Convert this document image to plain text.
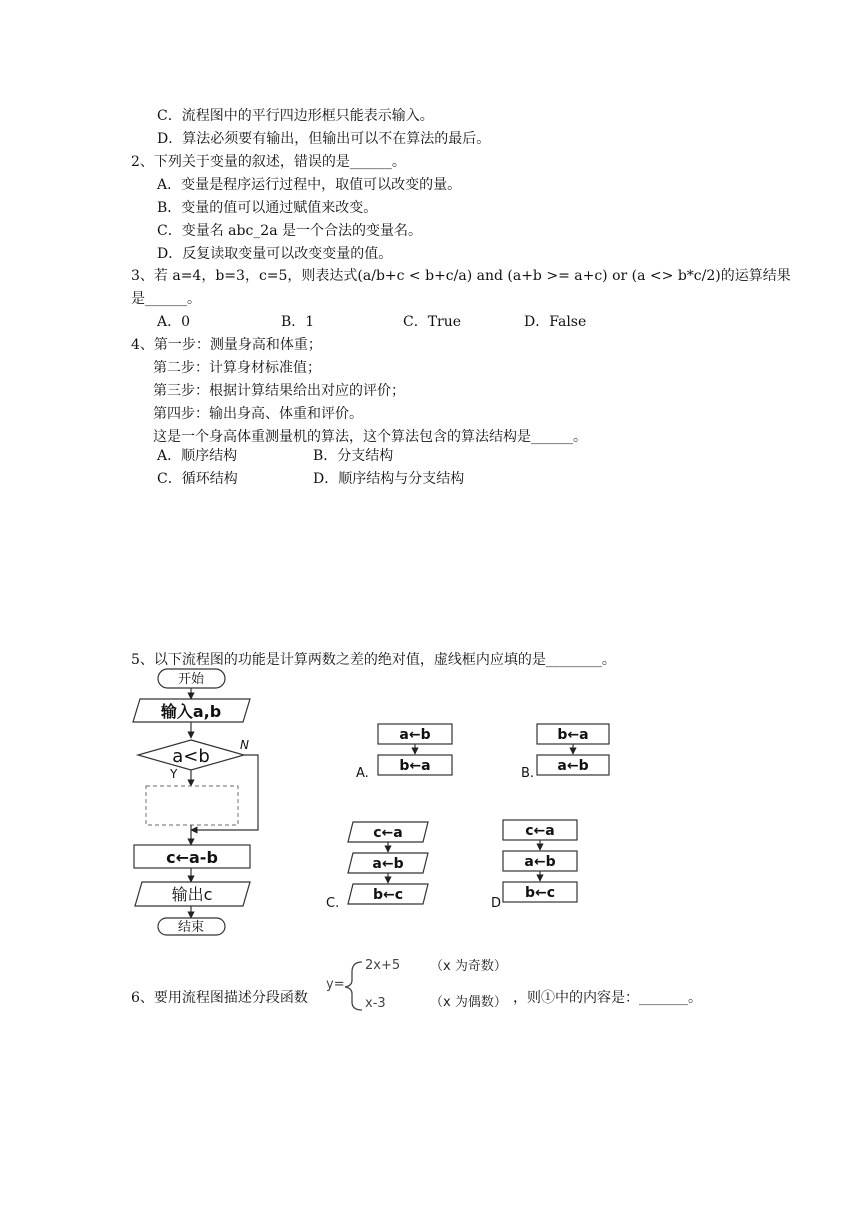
C．流程图中的平行四边形框只能表示输入。
D．算法必须要有输出，但输出可以不在算法的最后。
2、下列关于变量的叙述，错误的是______。
A．变量是程序运行过程中，取值可以改变的量。
B．变量的值可以通过赋值来改变。
C．变量名 abc_2a 是一个合法的变量名。
D．反复读取变量可以改变变量的值。
3、若 a=4，b=3，c=5，则表达式(a/b+c < b+c/a) and (a+b >= a+c) or (a <> b*c/2)的运算结果
是______。
A．0	B．1	C．True	D．False
4、第一步：测量身高和体重；
第二步：计算身材标准值；
第三步：根据计算结果给出对应的评价；
第四步：输出身高、体重和评价。
这是一个身高体重测量机的算法，这个算法包含的算法结构是______。
A．顺序结构	B．分支结构
C．循环结构	D．顺序结构与分支结构
5、以下流程图的功能是计算两数之差的绝对值，虚线框内应填的是________。
开始
输入a,b
a<b
N
Y
c←a-b
输出c
结束
a←b
b←a
A.
b←a
a←b
B.
c←a
a←b
b←c
C.
c←a
a←b
b←c
D
y=
2x+5
x-3
（x 为奇数）
（x 为偶数）
6、要用流程图描述分段函数	，则①中的内容是：_______。
